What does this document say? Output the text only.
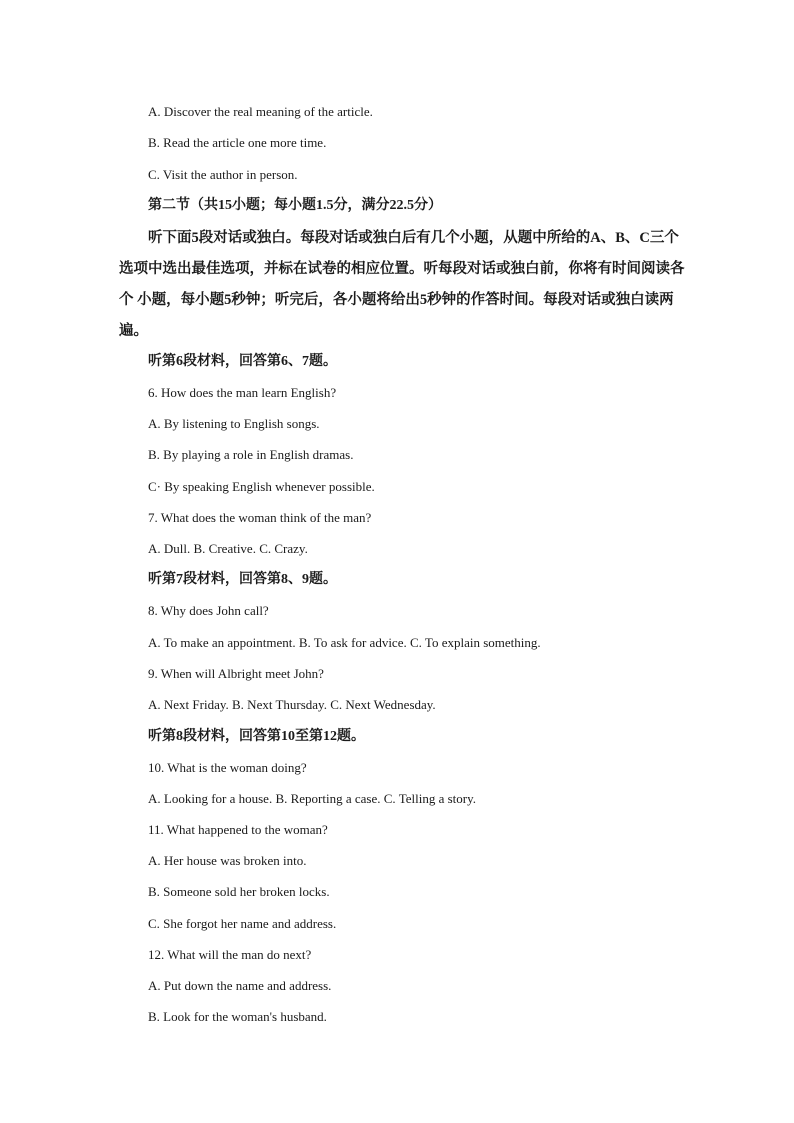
A. Discover the real meaning of the article.
B. Read the article one more time.
C. Visit the author in person.
第二节（共15小题；每小题1.5分，满分22.5分）
听下面5段对话或独白。每段对话或独白后有几个小题，从题中所给的A、B、C三个
选项中选出最佳选项，并标在试卷的相应位置。听每段对话或独白前，你将有时间阅读各
个 小题，每小题5秒钟；听完后，各小题将给出5秒钟的作答时间。每段对话或独白读两
遍。
听第6段材料，回答第6、7题。
6. How does the man learn English?
A. By listening to English songs.
B. By playing a role in English dramas.
C· By speaking English whenever possible.
7. What does the woman think of the man?
A. Dull. B. Creative. C. Crazy.
听第7段材料，回答第8、9题。
8. Why does John call?
A. To make an appointment. B. To ask for advice. C. To explain something.
9. When will Albright meet John?
A. Next Friday. B. Next Thursday. C. Next Wednesday.
听第8段材料，回答第10至第12题。
10. What is the woman doing?
A. Looking for a house. B. Reporting a case. C. Telling a story.
11. What happened to the woman?
A. Her house was broken into.
B. Someone sold her broken locks.
C. She forgot her name and address.
12. What will the man do next?
A. Put down the name and address.
B. Look for the woman's husband.
